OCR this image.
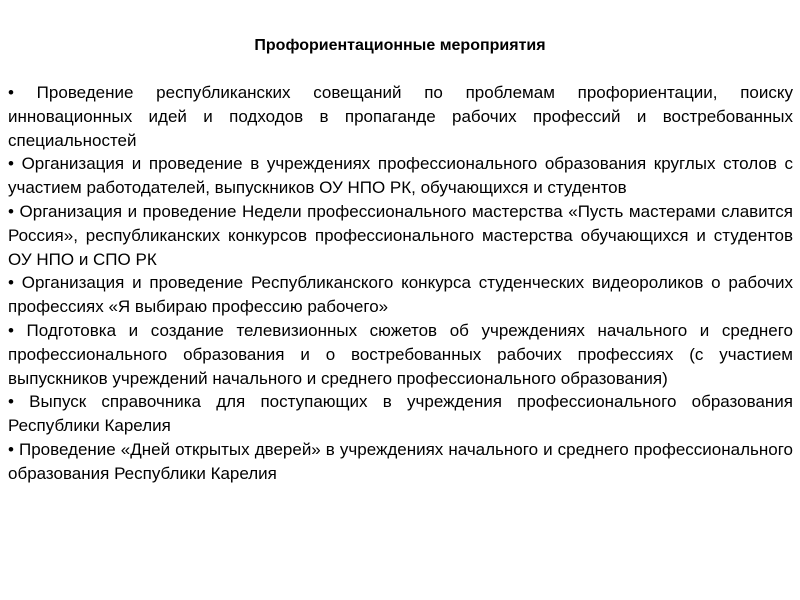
Профориентационные мероприятия

• Проведение республиканских совещаний по проблемам профориентации, поиску инновационных идей и подходов в пропаганде рабочих профессий и востребованных специальностей

• Организация и проведение в учреждениях профессионального образования круглых столов с участием работодателей, выпускников ОУ НПО РК, обучающихся и студентов

• Организация и проведение Недели профессионального мастерства «Пусть мастерами славится Россия», республиканских конкурсов профессионального мастерства обучающихся и студентов ОУ НПО и СПО РК

• Организация и проведение Республиканского конкурса студенческих видеороликов о рабочих профессиях «Я выбираю профессию рабочего»

• Подготовка и создание телевизионных сюжетов об учреждениях начального и среднего профессионального образования и о востребованных рабочих профессиях (с участием выпускников учреждений начального и среднего профессионального образования)

• Выпуск справочника для поступающих в учреждения профессионального образования Республики Карелия

• Проведение «Дней открытых дверей» в учреждениях начального и среднего профессионального образования Республики Карелия
